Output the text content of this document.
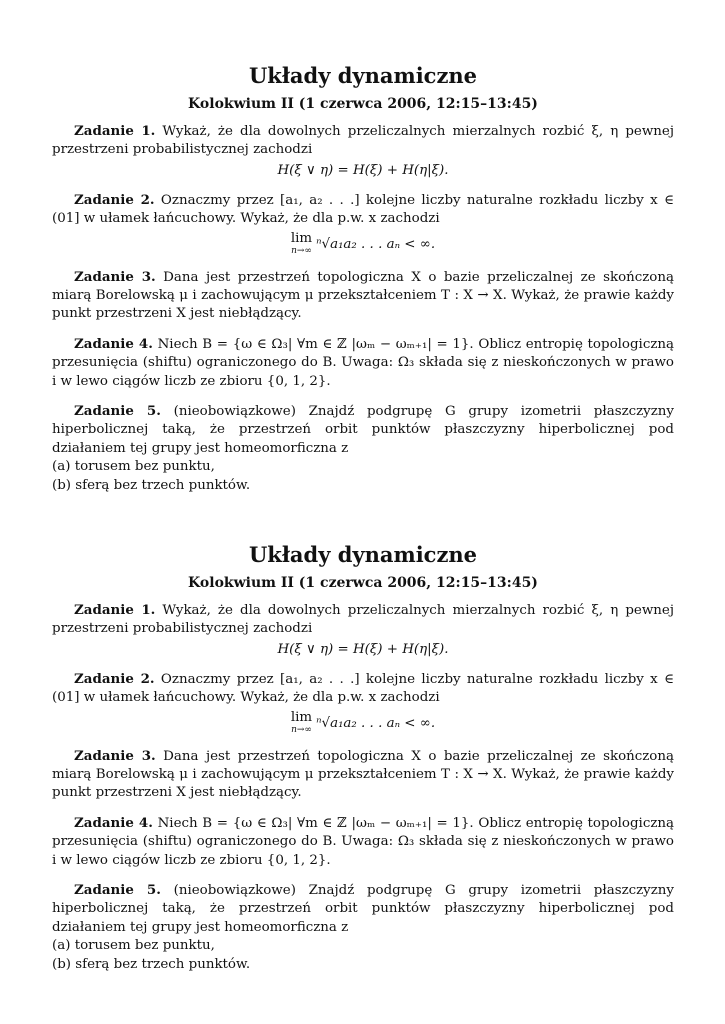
Układy dynamiczne
Kolokwium II (1 czerwca 2006, 12:15–13:45)
Zadanie 1. Wykaż, że dla dowolnych przeliczalnych mierzalnych rozbić ξ, η pewnej przestrzeni probabilistycznej zachodzi
H(ξ ∨ η) = H(ξ) + H(η|ξ).
Zadanie 2. Oznaczmy przez [a₁, a₂ . . .] kolejne liczby naturalne rozkładu liczby x ∈ (01] w ułamek łańcuchowy. Wykaż, że dla p.w. x zachodzi
lim
n→∞ ⁿ√a₁a₂ . . . aₙ < ∞.
Zadanie 3. Dana jest przestrzeń topologiczna X o bazie przeliczalnej ze skończoną miarą Borelowską μ i zachowującym μ przekształceniem T : X → X. Wykaż, że prawie każdy punkt przestrzeni X jest niebłądzący.
Zadanie 4. Niech B = {ω ∈ Ω₃| ∀m ∈ ℤ |ωₘ − ωₘ₊₁| = 1}. Oblicz entropię topologiczną przesunięcia (shiftu) ograniczonego do B. Uwaga: Ω₃ składa się z nieskończonych w prawo i w lewo ciągów liczb ze zbioru {0, 1, 2}.
Zadanie 5. (nieobowiązkowe) Znajdź podgrupę G grupy izometrii płaszczyzny hiperbolicznej taką, że przestrzeń orbit punktów płaszczyzny hiperbolicznej pod działaniem tej grupy jest homeomorficzna z
(a) torusem bez punktu,
(b) sferą bez trzech punktów.
Układy dynamiczne
Kolokwium II (1 czerwca 2006, 12:15–13:45)
Zadanie 1. Wykaż, że dla dowolnych przeliczalnych mierzalnych rozbić ξ, η pewnej przestrzeni probabilistycznej zachodzi
H(ξ ∨ η) = H(ξ) + H(η|ξ).
Zadanie 2. Oznaczmy przez [a₁, a₂ . . .] kolejne liczby naturalne rozkładu liczby x ∈ (01] w ułamek łańcuchowy. Wykaż, że dla p.w. x zachodzi
lim
n→∞ ⁿ√a₁a₂ . . . aₙ < ∞.
Zadanie 3. Dana jest przestrzeń topologiczna X o bazie przeliczalnej ze skończoną miarą Borelowską μ i zachowującym μ przekształceniem T : X → X. Wykaż, że prawie każdy punkt przestrzeni X jest niebłądzący.
Zadanie 4. Niech B = {ω ∈ Ω₃| ∀m ∈ ℤ |ωₘ − ωₘ₊₁| = 1}. Oblicz entropię topologiczną przesunięcia (shiftu) ograniczonego do B. Uwaga: Ω₃ składa się z nieskończonych w prawo i w lewo ciągów liczb ze zbioru {0, 1, 2}.
Zadanie 5. (nieobowiązkowe) Znajdź podgrupę G grupy izometrii płaszczyzny hiperbolicznej taką, że przestrzeń orbit punktów płaszczyzny hiperbolicznej pod działaniem tej grupy jest homeomorficzna z
(a) torusem bez punktu,
(b) sferą bez trzech punktów.
